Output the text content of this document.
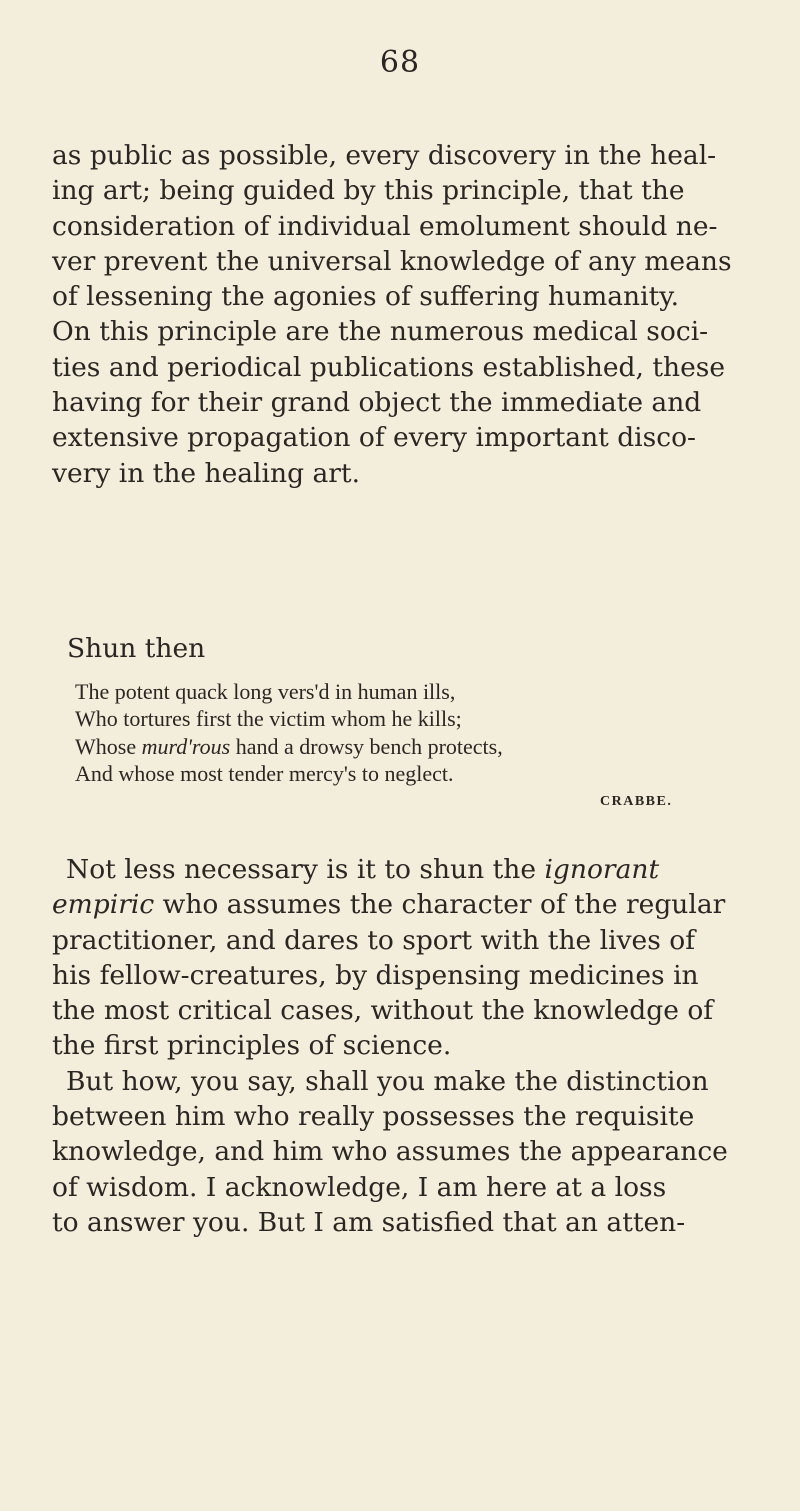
68

as public as possible, every discovery in the heal-
ing art; being guided by this principle, that the
consideration of individual emolument should ne-
ver prevent the universal knowledge of any means
of lessening the agonies of suffering humanity.
On this principle are the numerous medical soci-
ties and periodical publications established, these
having for their grand object the immediate and
extensive propagation of every important disco-
very in the healing art.

Shun then

The potent quack long vers'd in human ills,
Who tortures first the victim whom he kills;
Whose murd'rous hand a drowsy bench protects,
And whose most tender mercy's to neglect.

CRABBE.

Not less necessary is it to shun the ignorant
empiric who assumes the character of the regular
practitioner, and dares to sport with the lives of
his fellow-creatures, by dispensing medicines in
the most critical cases, without the knowledge of
the first principles of science.
But how, you say, shall you make the distinction
between him who really possesses the requisite
knowledge, and him who assumes the appearance
of wisdom. I acknowledge, I am here at a loss
to answer you. But I am satisfied that an atten-
